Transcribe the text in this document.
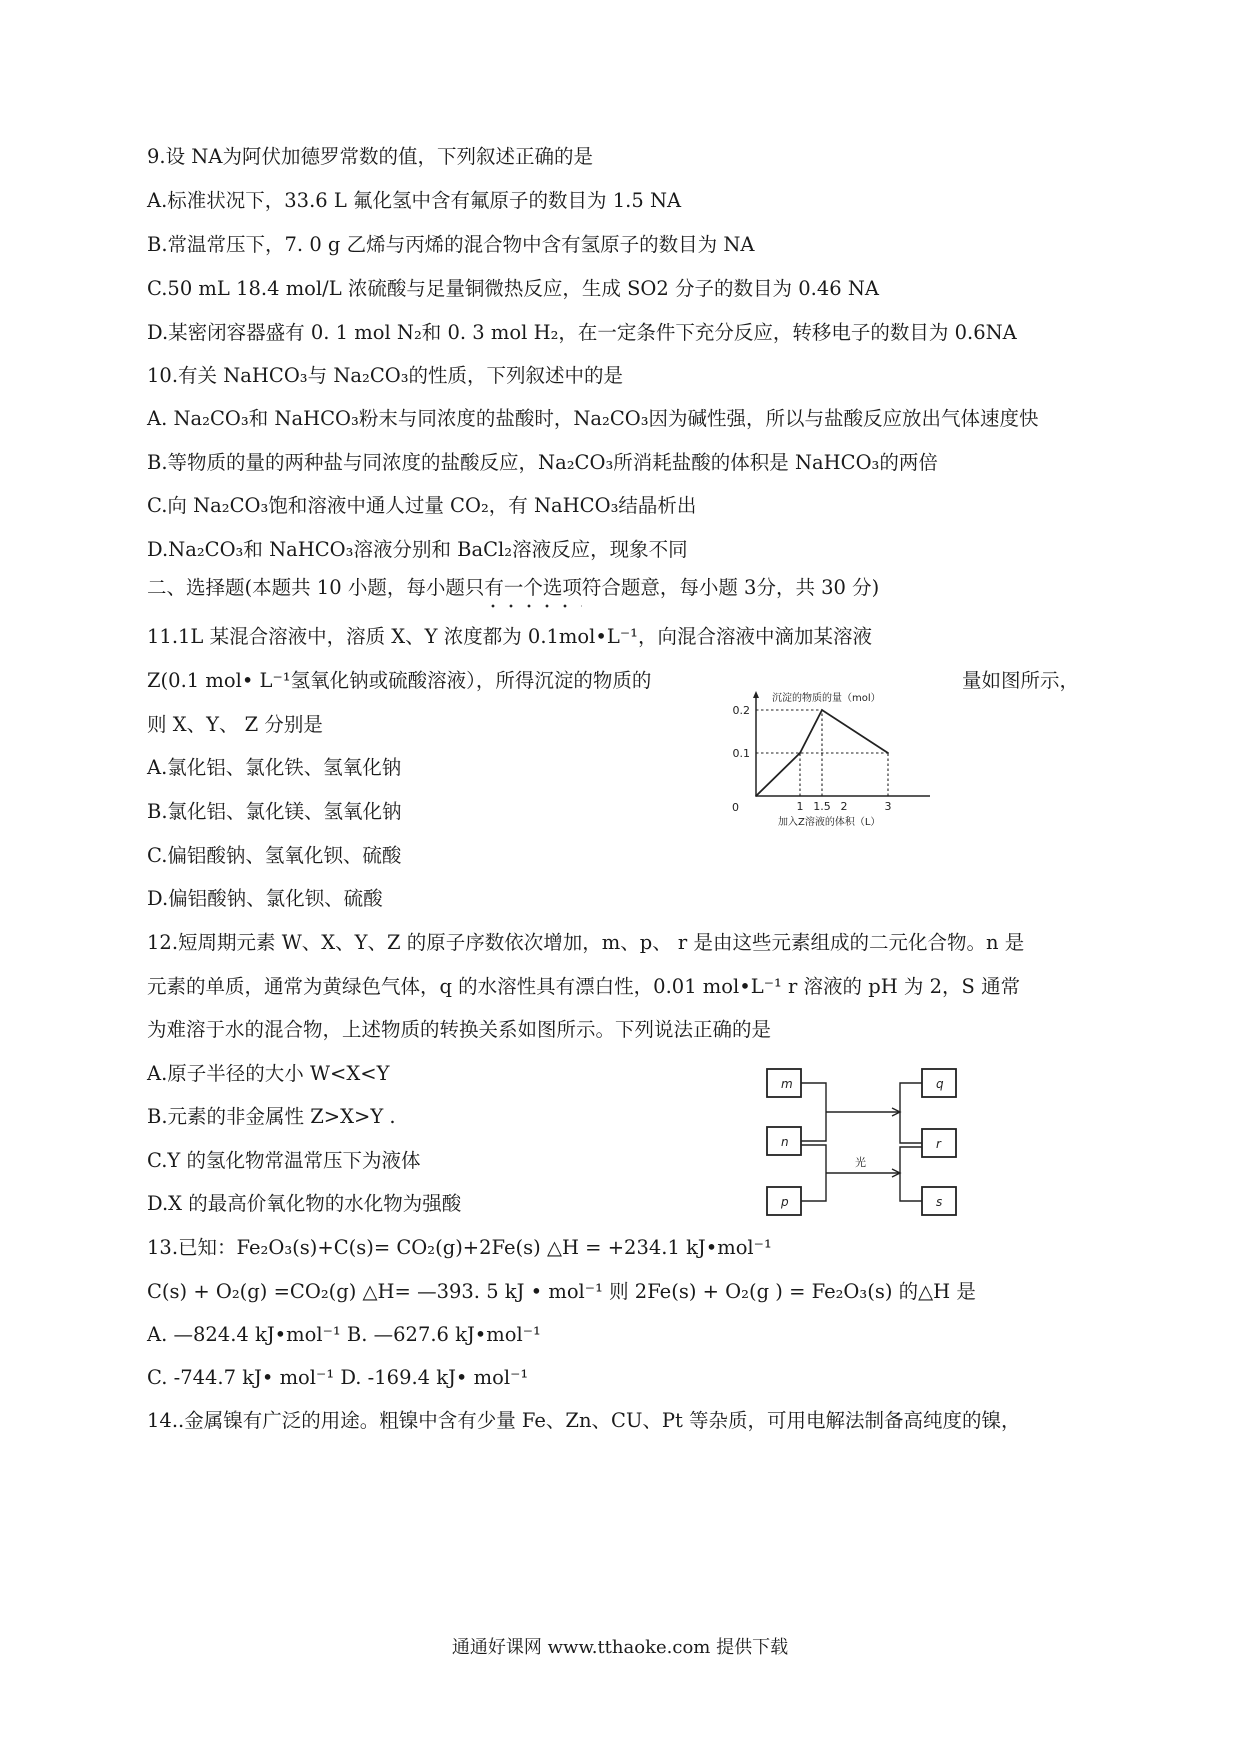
9.设 NA为阿伏加德罗常数的值，下列叙述正确的是
A.标准状况下，33.6 L 氟化氢中含有氟原子的数目为 1.5 NA
B.常温常压下，7. 0 g 乙烯与丙烯的混合物中含有氢原子的数目为 NA
C.50 mL 18.4 mol/L 浓硫酸与足量铜微热反应，生成 SO2 分子的数目为 0.46 NA
D.某密闭容器盛有 0. 1 mol N₂和 0. 3 mol H₂，在一定条件下充分反应，转移电子的数目为 0.6NA
10.有关 NaHCO₃与 Na₂CO₃的性质，下列叙述中的是
A. Na₂CO₃和 NaHCO₃粉末与同浓度的盐酸时，Na₂CO₃因为碱性强，所以与盐酸反应放出气体速度快
B.等物质的量的两种盐与同浓度的盐酸反应，Na₂CO₃所消耗盐酸的体积是 NaHCO₃的两倍
C.向 Na₂CO₃饱和溶液中通人过量 CO₂，有 NaHCO₃结晶析出
D.Na₂CO₃和 NaHCO₃溶液分别和 BaCl₂溶液反应，现象不同
二、选择题(本题共 10 小题，每小题只有一个选项符合题意，每小题 3分，共 30 分)
11.1L 某混合溶液中，溶质 X、Y 浓度都为 0.1mol•L⁻¹，向混合溶液中滴加某溶液
Z(0.1 mol• L⁻¹氢氧化钠或硫酸溶液），所得沉淀的物质的	量如图所示，
则 X、Y、 Z 分别是
A.氯化铝、氯化铁、氢氧化钠
B.氯化铝、氯化镁、氢氧化钠
C.偏铝酸钠、氢氧化钡、硫酸
D.偏铝酸钠、氯化钡、硫酸
沉淀的物质的量（mol）
加入Z溶液的体积（L）
0	1 1.5 2	3
0.1
0.2
12.短周期元素 W、X、Y、Z 的原子序数依次增加，m、p、 r 是由这些元素组成的二元化合物。n 是
元素的单质，通常为黄绿色气体，q 的水溶性具有漂白性，0.01 mol•L⁻¹ r 溶液的 pH 为 2，S 通常
为难溶于水的混合物，上述物质的转换关系如图所示。下列说法正确的是
A.原子半径的大小 W<X<Y
B.元素的非金属性 Z>X>Y .
C.Y 的氢化物常温常压下为液体
D.X 的最高价氧化物的水化物为强酸
m
n
p
q
r
s
光
13.已知：Fe₂O₃(s)+C(s)= CO₂(g)+2Fe(s) △H = +234.1 kJ•mol⁻¹
C(s) + O₂(g) =CO₂(g) △H= —393. 5 kJ • mol⁻¹ 则 2Fe(s) + O₂(g ) = Fe₂O₃(s) 的△H 是
A. —824.4 kJ•mol⁻¹ B. —627.6 kJ•mol⁻¹
C. -744.7 kJ• mol⁻¹ D. -169.4 kJ• mol⁻¹
14..金属镍有广泛的用途。粗镍中含有少量 Fe、Zn、CU、Pt 等杂质，可用电解法制备高纯度的镍，
通通好课网 www.tthaoke.com 提供下载
